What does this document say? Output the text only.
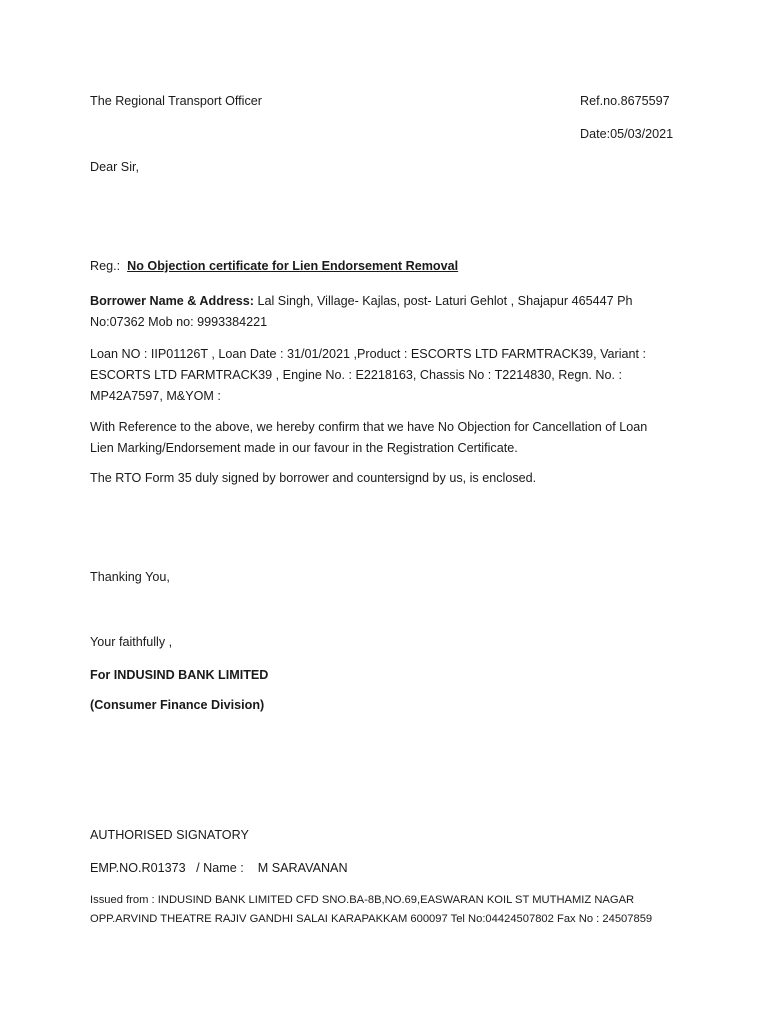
The Regional Transport Officer	Ref.no.8675597
Date:05/03/2021
Dear Sir,
Reg.: No Objection certificate for Lien Endorsement Removal
Borrower Name & Address: Lal Singh, Village- Kajlas, post- Laturi Gehlot , Shajapur 465447 Ph No:07362 Mob no: 9993384221
Loan NO : IIP01126T , Loan Date : 31/01/2021 ,Product : ESCORTS LTD FARMTRACK39, Variant : ESCORTS LTD FARMTRACK39 , Engine No. : E2218163, Chassis No : T2214830, Regn. No. : MP42A7597, M&YOM :
With Reference to the above, we hereby confirm that we have No Objection for Cancellation of Loan Lien Marking/Endorsement made in our favour in the Registration Certificate.
The RTO Form 35 duly signed by borrower and countersignd by us, is enclosed.
Thanking You,
Your faithfully ,
For INDUSIND BANK LIMITED
(Consumer Finance Division)
AUTHORISED SIGNATORY
EMP.NO.R01373   / Name :    M SARAVANAN
Issued from : INDUSIND BANK LIMITED CFD SNO.BA-8B,NO.69,EASWARAN KOIL ST MUTHAMIZ NAGAR
OPP.ARVIND THEATRE RAJIV GANDHI SALAI KARAPAKKAM 600097 Tel No:04424507802 Fax No : 24507859
